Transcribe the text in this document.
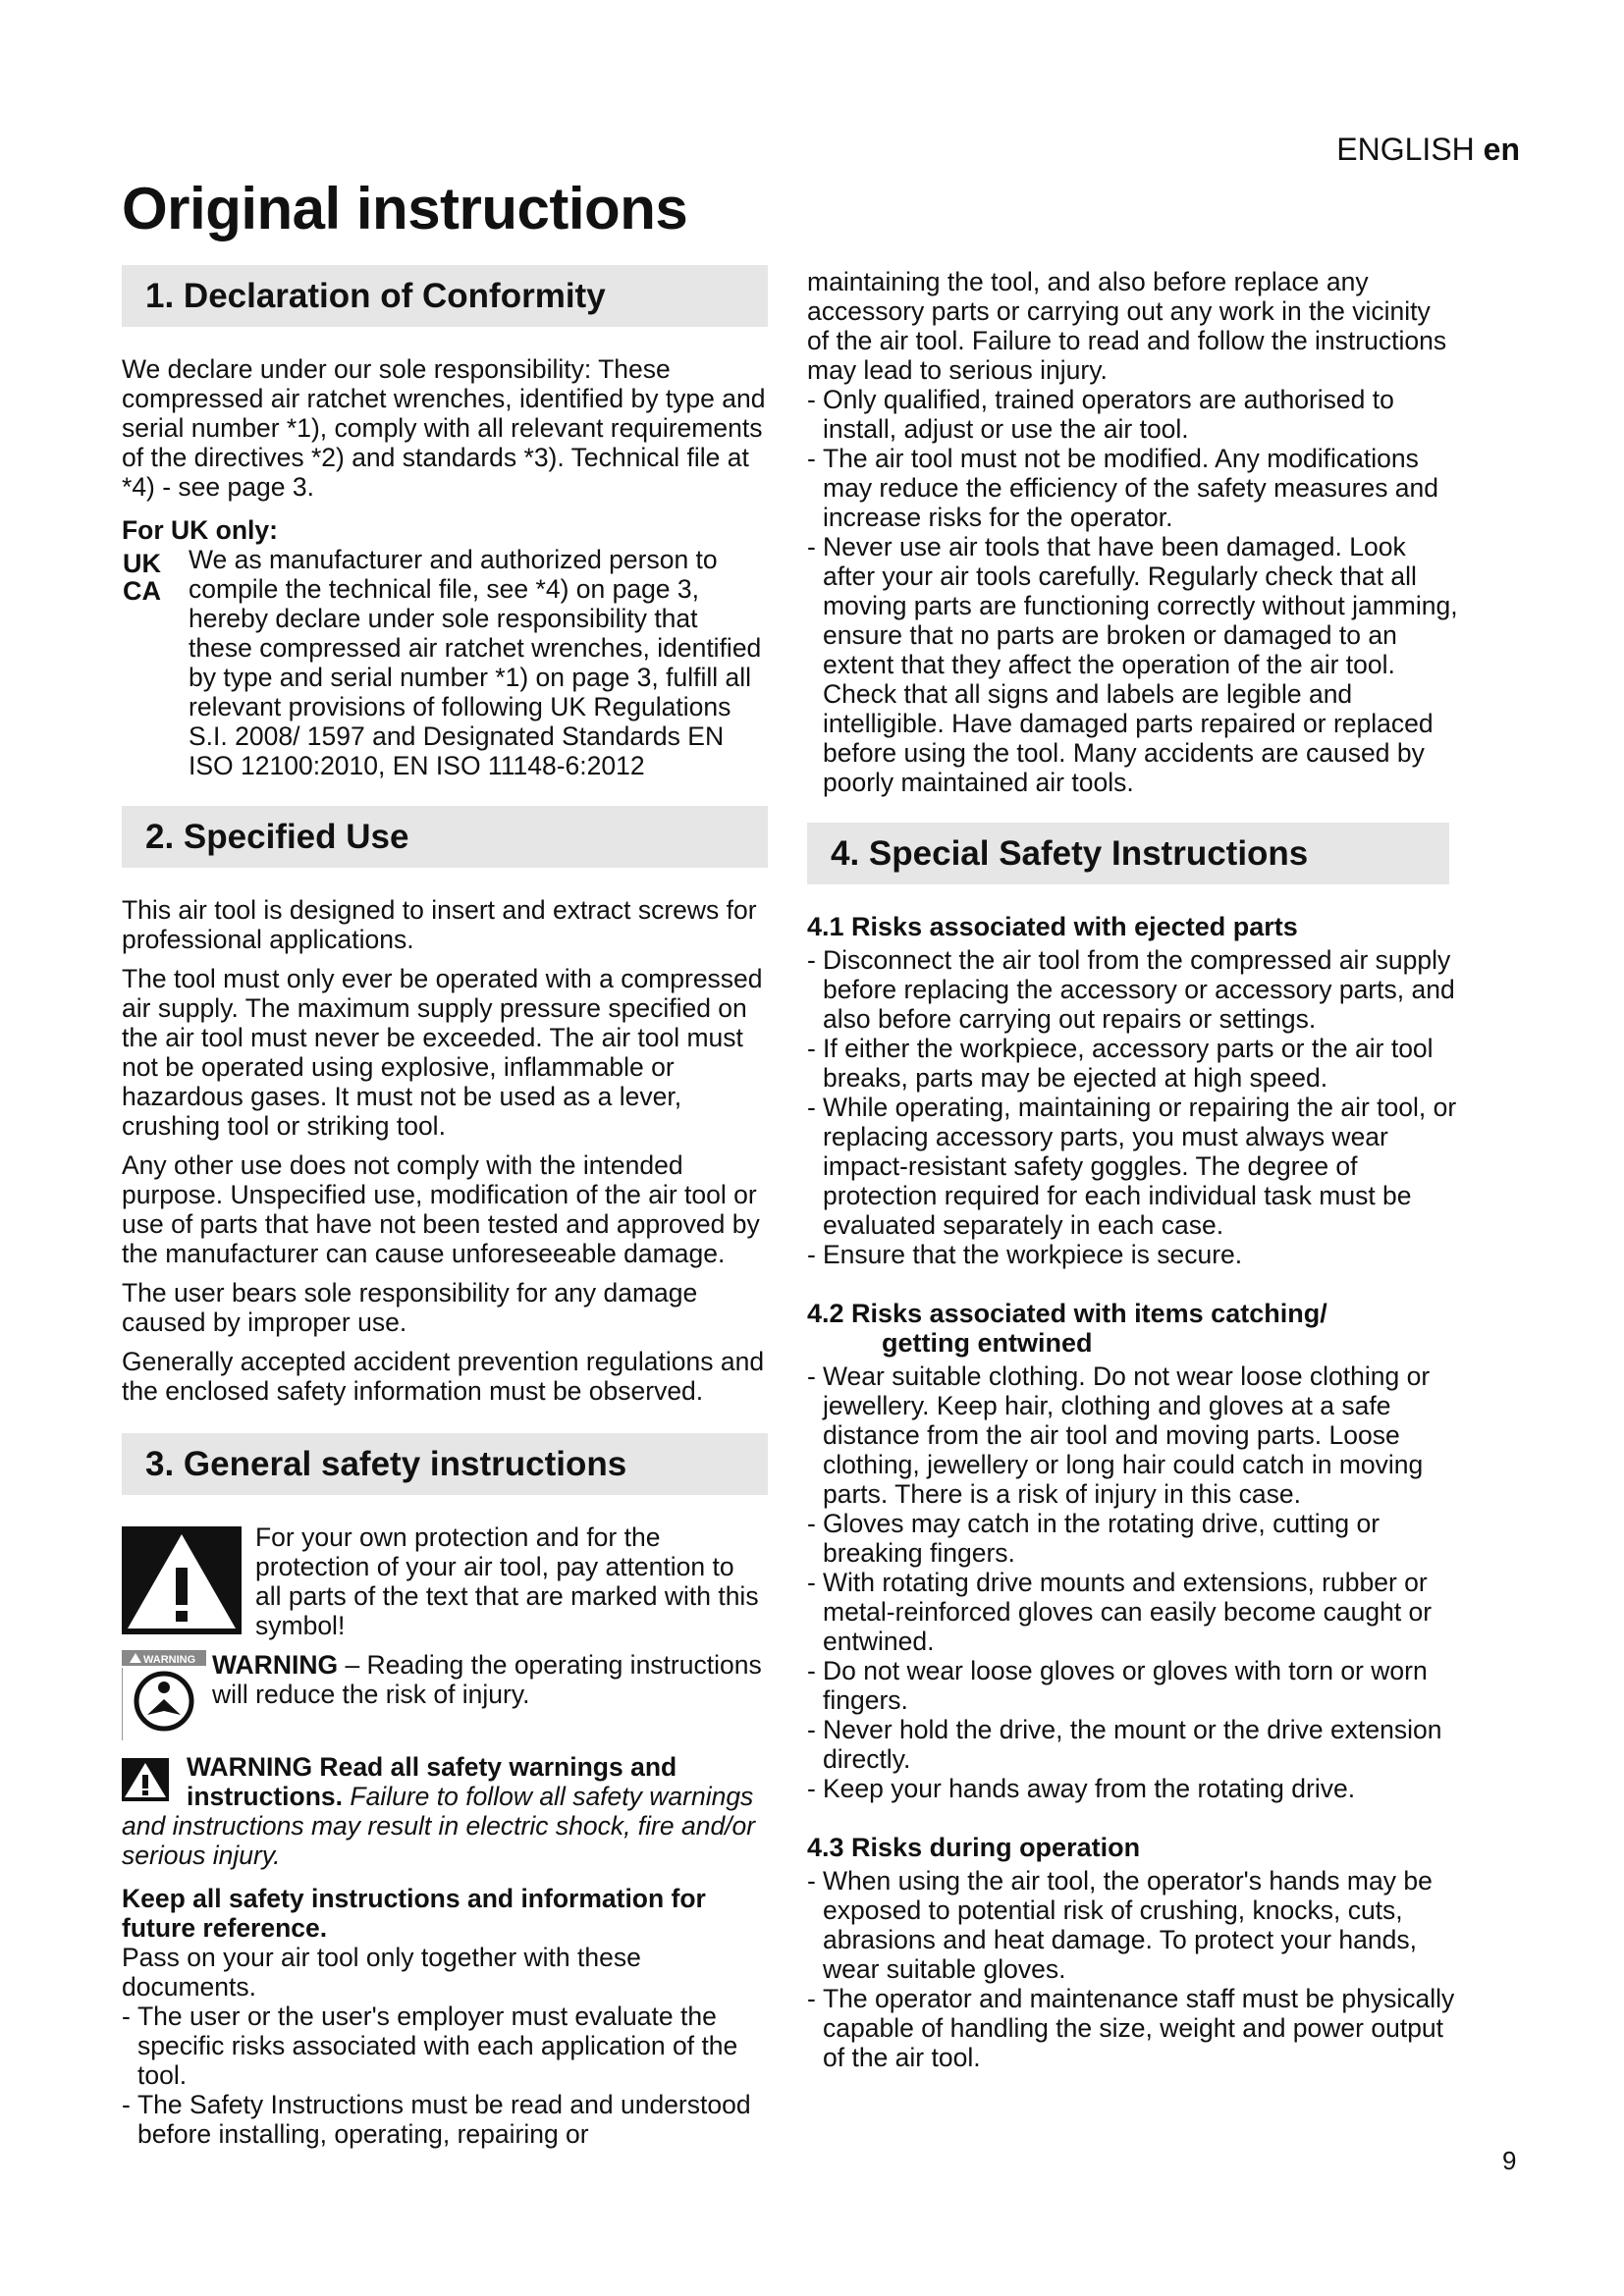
ENGLISH en
Original instructions
1. Declaration of Conformity

We declare under our sole responsibility: These compressed air ratchet wrenches, identified by type and serial number *1), comply with all relevant requirements of the directives *2) and standards *3). Technical file at *4) - see page 3.

For UK only:

UK
CA
We as manufacturer and authorized person to compile the technical file, see *4) on page 3, hereby declare under sole responsibility that these compressed air ratchet wrenches, identified by type and serial number *1) on page 3, fulfill all relevant provisions of following UK Regulations S.I. 2008/ 1597 and Designated Standards EN ISO 12100:2010, EN ISO 11148-6:2012
2. Specified Use

This air tool is designed to insert and extract screws for professional applications.

The tool must only ever be operated with a compressed air supply. The maximum supply pressure specified on the air tool must never be exceeded. The air tool must not be operated using explosive, inflammable or hazardous gases. It must not be used as a lever, crushing tool or striking tool.

Any other use does not comply with the intended purpose. Unspecified use, modification of the air tool or use of parts that have not been tested and approved by the manufacturer can cause unforeseeable damage.

The user bears sole responsibility for any damage caused by improper use.

Generally accepted accident prevention regulations and the enclosed safety information must be observed.

3. General safety instructions
For your own protection and for the protection of your air tool, pay attention to all parts of the text that are marked with this symbol!
WARNING WARNING – Reading the operating instructions will reduce the risk of injury.
WARNING Read all safety warnings and
instructions. Failure to follow all safety warnings and instructions may result in electric shock, fire and/or serious injury.

Keep all safety instructions and information for future reference.

Pass on your air tool only together with these documents.

- The user or the user's employer must evaluate the specific risks associated with each application of the tool.
- The Safety Instructions must be read and understood before installing, operating, repairing or

maintaining the tool, and also before replace any accessory parts or carrying out any work in the vicinity of the air tool. Failure to read and follow the instructions may lead to serious injury.

- Only qualified, trained operators are authorised to install, adjust or use the air tool.
- The air tool must not be modified. Any modifications may reduce the efficiency of the safety measures and increase risks for the operator.
- Never use air tools that have been damaged. Look after your air tools carefully. Regularly check that all moving parts are functioning correctly without jamming, ensure that no parts are broken or damaged to an extent that they affect the operation of the air tool. Check that all signs and labels are legible and intelligible. Have damaged parts repaired or replaced before using the tool. Many accidents are caused by poorly maintained air tools.
4. Special Safety Instructions

4.1 Risks associated with ejected parts

- Disconnect the air tool from the compressed air supply before replacing the accessory or accessory parts, and also before carrying out repairs or settings.
- If either the workpiece, accessory parts or the air tool breaks, parts may be ejected at high speed.
- While operating, maintaining or repairing the air tool, or replacing accessory parts, you must always wear impact-resistant safety goggles. The degree of protection required for each individual task must be evaluated separately in each case.
- Ensure that the workpiece is secure.

4.2 Risks associated with items catching/
getting entwined

- Wear suitable clothing. Do not wear loose clothing or jewellery. Keep hair, clothing and gloves at a safe distance from the air tool and moving parts. Loose clothing, jewellery or long hair could catch in moving parts. There is a risk of injury in this case.
- Gloves may catch in the rotating drive, cutting or breaking fingers.
- With rotating drive mounts and extensions, rubber or metal-reinforced gloves can easily become caught or entwined.
- Do not wear loose gloves or gloves with torn or worn fingers.
- Never hold the drive, the mount or the drive extension directly.
- Keep your hands away from the rotating drive.

4.3 Risks during operation

- When using the air tool, the operator's hands may be exposed to potential risk of crushing, knocks, cuts, abrasions and heat damage. To protect your hands, wear suitable gloves.
- The operator and maintenance staff must be physically capable of handling the size, weight and power output of the air tool.
9
